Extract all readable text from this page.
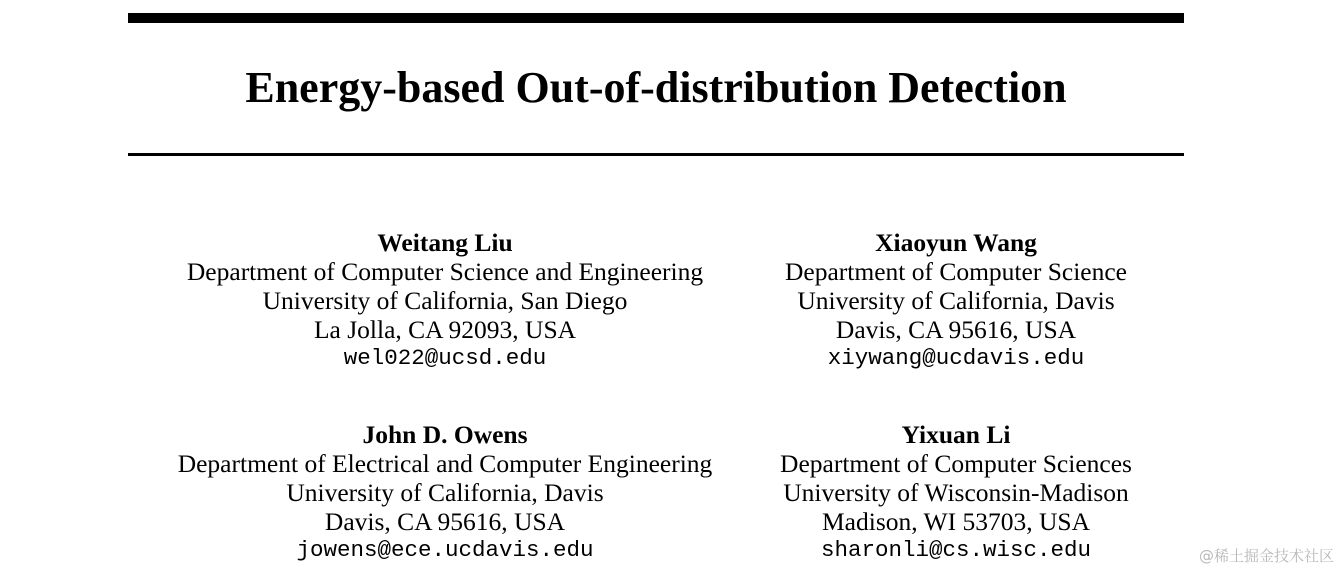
Energy-based Out-of-distribution Detection
Weitang Liu
Department of Computer Science and Engineering
University of California, San Diego
La Jolla, CA 92093, USA
wel022@ucsd.edu
Xiaoyun Wang
Department of Computer Science
University of California, Davis
Davis, CA 95616, USA
xiywang@ucdavis.edu
John D. Owens
Department of Electrical and Computer Engineering
University of California, Davis
Davis, CA 95616, USA
jowens@ece.ucdavis.edu
Yixuan Li
Department of Computer Sciences
University of Wisconsin-Madison
Madison, WI 53703, USA
sharonli@cs.wisc.edu	@稀土掘金技术社区
